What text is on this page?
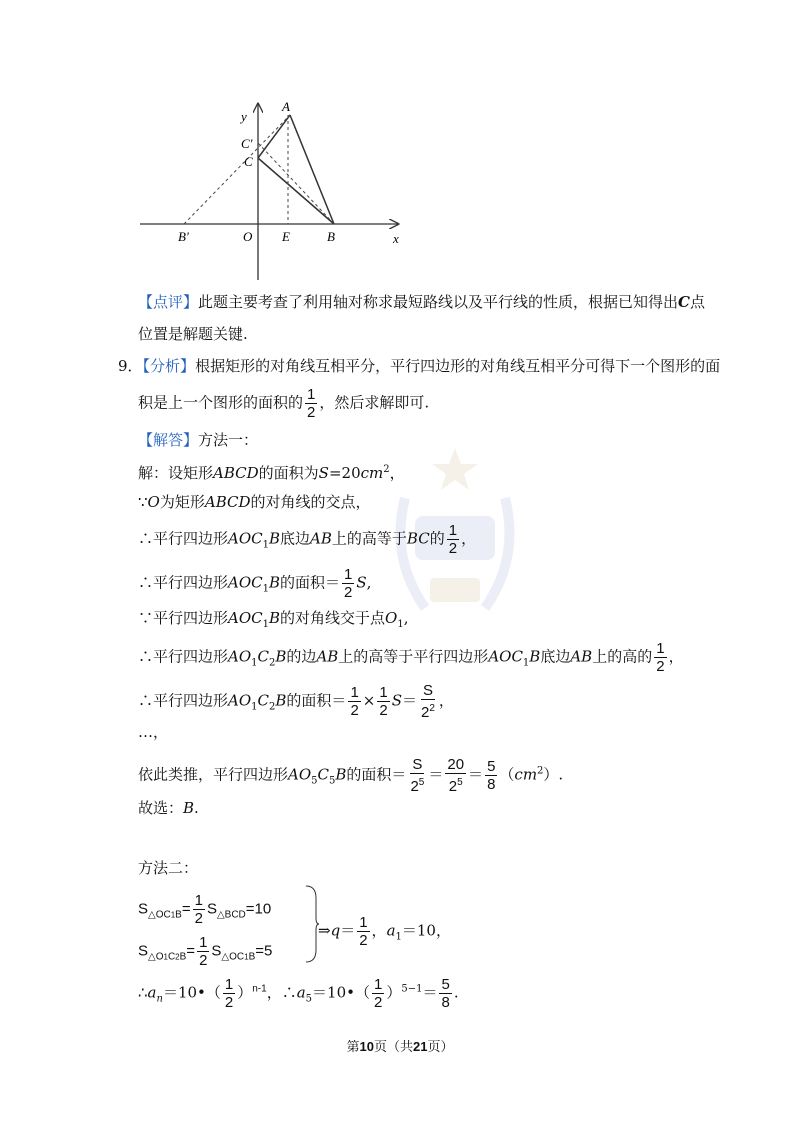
A
y
C'
C
B'	O E	B	x
【点评】此题主要考查了利用轴对称求最短路线以及平行线的性质，根据已知得出C点
位置是解题关键.
9．【分析】根据矩形的对角线互相平分，平行四边形的对角线互相平分可得下一个图形的面
积是上一个图形的面积的 $\frac{1}{2}$ ，然后求解即可.
【解答】方法一：
解：设矩形ABCD的面积为$S=20cm^2$，
∵O为矩形ABCD的对角线的交点，
∴平行四边形$AOC_1B$底边AB上的高等于BC的 $\frac{1}{2}$ ，
∴平行四边形$AOC_1B$的面积＝ $\frac{1}{2} S$,
∵平行四边形$AOC_1B$的对角线交于点$O_1$,
∴平行四边形$AO_1C_2B$的边AB上的高等于平行四边形$AOC_1B$底边AB上的高的 $\frac{1}{2}$ ，
∴平行四边形$AO_1C_2B$的面积＝ $\frac{1}{2} \times \frac{1}{2} S= \frac{S}{2^2}$ ，
…，
依此类推，平行四边形$AO_5C_5B$的面积＝ $\frac{S}{2^5} = \frac{20}{2^5} = \frac{5}{8} (cm^2)$.
故选：B.
方法二：
$S_{\triangle OC1B}= \frac{1}{2} S_{\triangle BCD}=10$
$S_{\triangle O1C2B}= \frac{1}{2} S_{\triangle OC1B}=5$
⇒q＝ $\frac{1}{2}$ ，$a_1=10$，
$\therefore a_n=10•( \frac{1}{2} )^{n-1}$，$\therefore a_5=10•( \frac{1}{2} )^{5-1}= \frac{5}{8}$ .
第10页（共21页）
